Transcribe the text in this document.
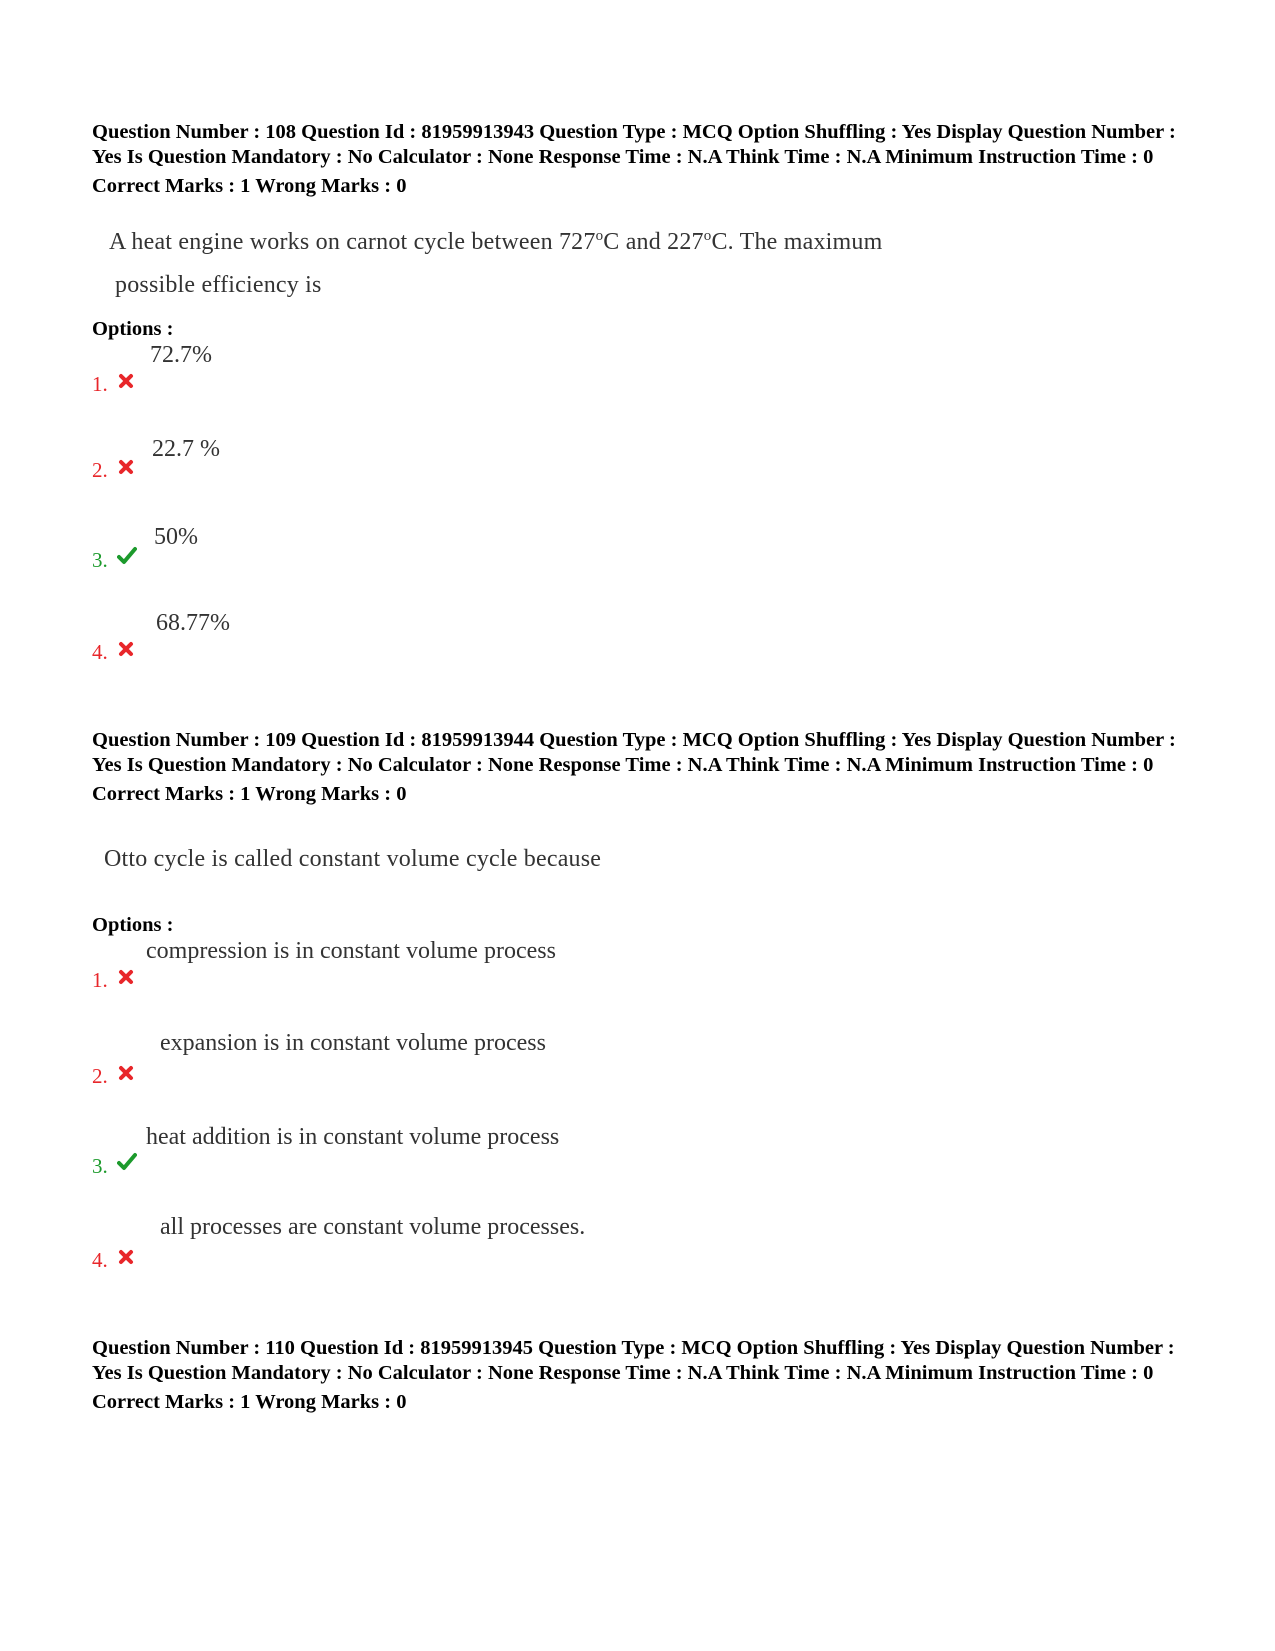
Question Number : 108 Question Id : 81959913943 Question Type : MCQ Option Shuffling : Yes Display Question Number : Yes Is Question Mandatory : No Calculator : None Response Time : N.A Think Time : N.A Minimum Instruction Time : 0
Correct Marks : 1 Wrong Marks : 0
A heat engine works on carnot cycle between 727$^o$C and 227$^o$C. The maximum
possible efficiency is
Options :
72.7%
1.
22.7 %
2.
50%
3.
68.77%
4.
Question Number : 109 Question Id : 81959913944 Question Type : MCQ Option Shuffling : Yes Display Question Number : Yes Is Question Mandatory : No Calculator : None Response Time : N.A Think Time : N.A Minimum Instruction Time : 0
Correct Marks : 1 Wrong Marks : 0
Otto cycle is called constant volume cycle because
Options :
compression is in constant volume process
1.
expansion is in constant volume process
2.
heat addition is in constant volume process
3.
all processes are constant volume processes.
4.
Question Number : 110 Question Id : 81959913945 Question Type : MCQ Option Shuffling : Yes Display Question Number : Yes Is Question Mandatory : No Calculator : None Response Time : N.A Think Time : N.A Minimum Instruction Time : 0
Correct Marks : 1 Wrong Marks : 0
